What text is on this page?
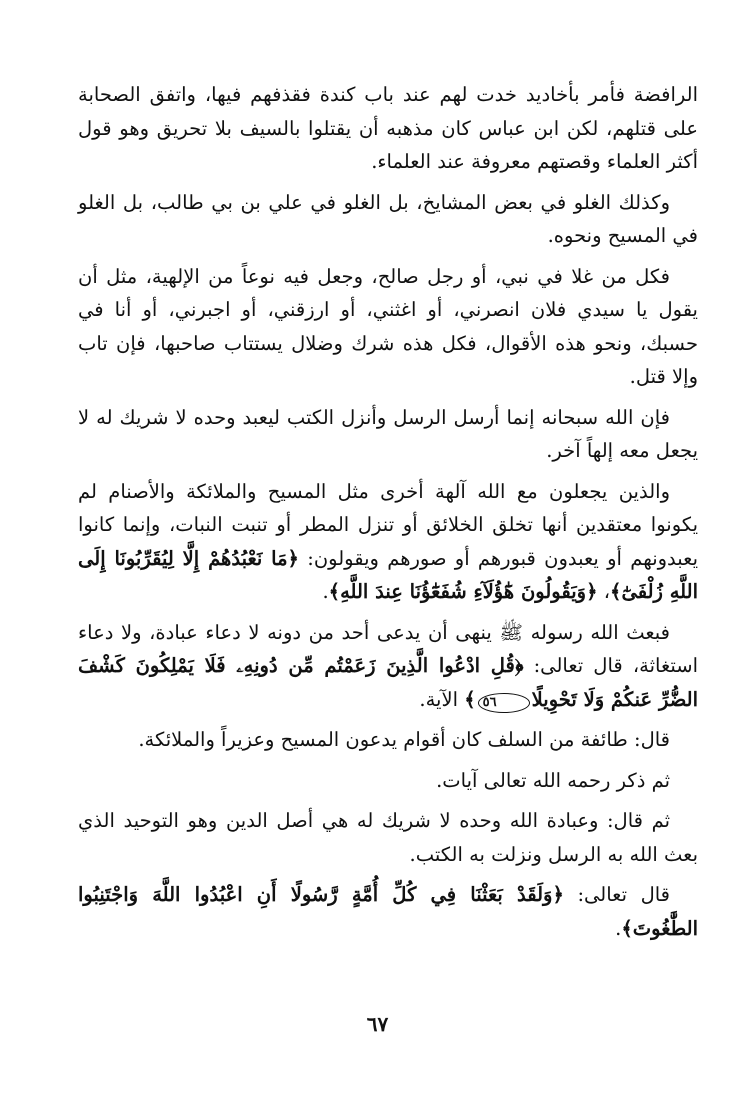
الرافضة فأمر بأخاديد خدت لهم عند باب كندة فقذفهم فيها، واتفق الصحابة على قتلهم، لكن ابن عباس كان مذهبه أن يقتلوا بالسيف بلا تحريق وهو قول أكثر العلماء وقصتهم معروفة عند العلماء.

وكذلك الغلو في بعض المشايخ، بل الغلو في علي بن بي طالب، بل الغلو في المسيح ونحوه.

فكل من غلا في نبي، أو رجل صالح، وجعل فيه نوعاً من الإلهية، مثل أن يقول يا سيدي فلان انصرني، أو اغثني، أو ارزقني، أو اجبرني، أو أنا في حسبك، ونحو هذه الأقوال، فكل هذه شرك وضلال يستتاب صاحبها، فإن تاب وإلا قتل.

فإن الله سبحانه إنما أرسل الرسل وأنزل الكتب ليعبد وحده لا شريك له لا يجعل معه إلهاً آخر.

والذين يجعلون مع الله آلهة أخرى مثل المسيح والملائكة والأصنام لم يكونوا معتقدين أنها تخلق الخلائق أو تنزل المطر أو تنبت النبات، وإنما كانوا يعبدونهم أو يعبدون قبورهم أو صورهم ويقولون: ﴿مَا نَعْبُدُهُمْ إِلَّا لِيُقَرِّبُونَا إِلَى اللَّهِ زُلْفَىٰٓ﴾، ﴿وَيَقُولُونَ هَٰٓؤُلَآءِ شُفَعَٰٓؤُنَا عِندَ اللَّهِ﴾.

فبعث الله رسوله ﷺ ينهى أن يدعى أحد من دونه لا دعاء عبادة، ولا دعاء استغاثة، قال تعالى: ﴿قُلِ ادْعُوا الَّذِينَ زَعَمْتُم مِّن دُونِهِۦ فَلَا يَمْلِكُونَ كَشْفَ الضُّرِّ عَنكُمْ وَلَا تَحْوِيلًا٥٦﴾ الآية.

قال: طائفة من السلف كان أقوام يدعون المسيح وعزيراً والملائكة.

ثم ذكر رحمه الله تعالى آيات.

ثم قال: وعبادة الله وحده لا شريك له هي أصل الدين وهو التوحيد الذي بعث الله به الرسل ونزلت به الكتب.

قال تعالى: ﴿وَلَقَدْ بَعَثْنَا فِي كُلِّ أُمَّةٍ رَّسُولًا أَنِ اعْبُدُوا اللَّهَ وَاجْتَنِبُوا الطَّٰغُوتَ﴾.

٦٧
